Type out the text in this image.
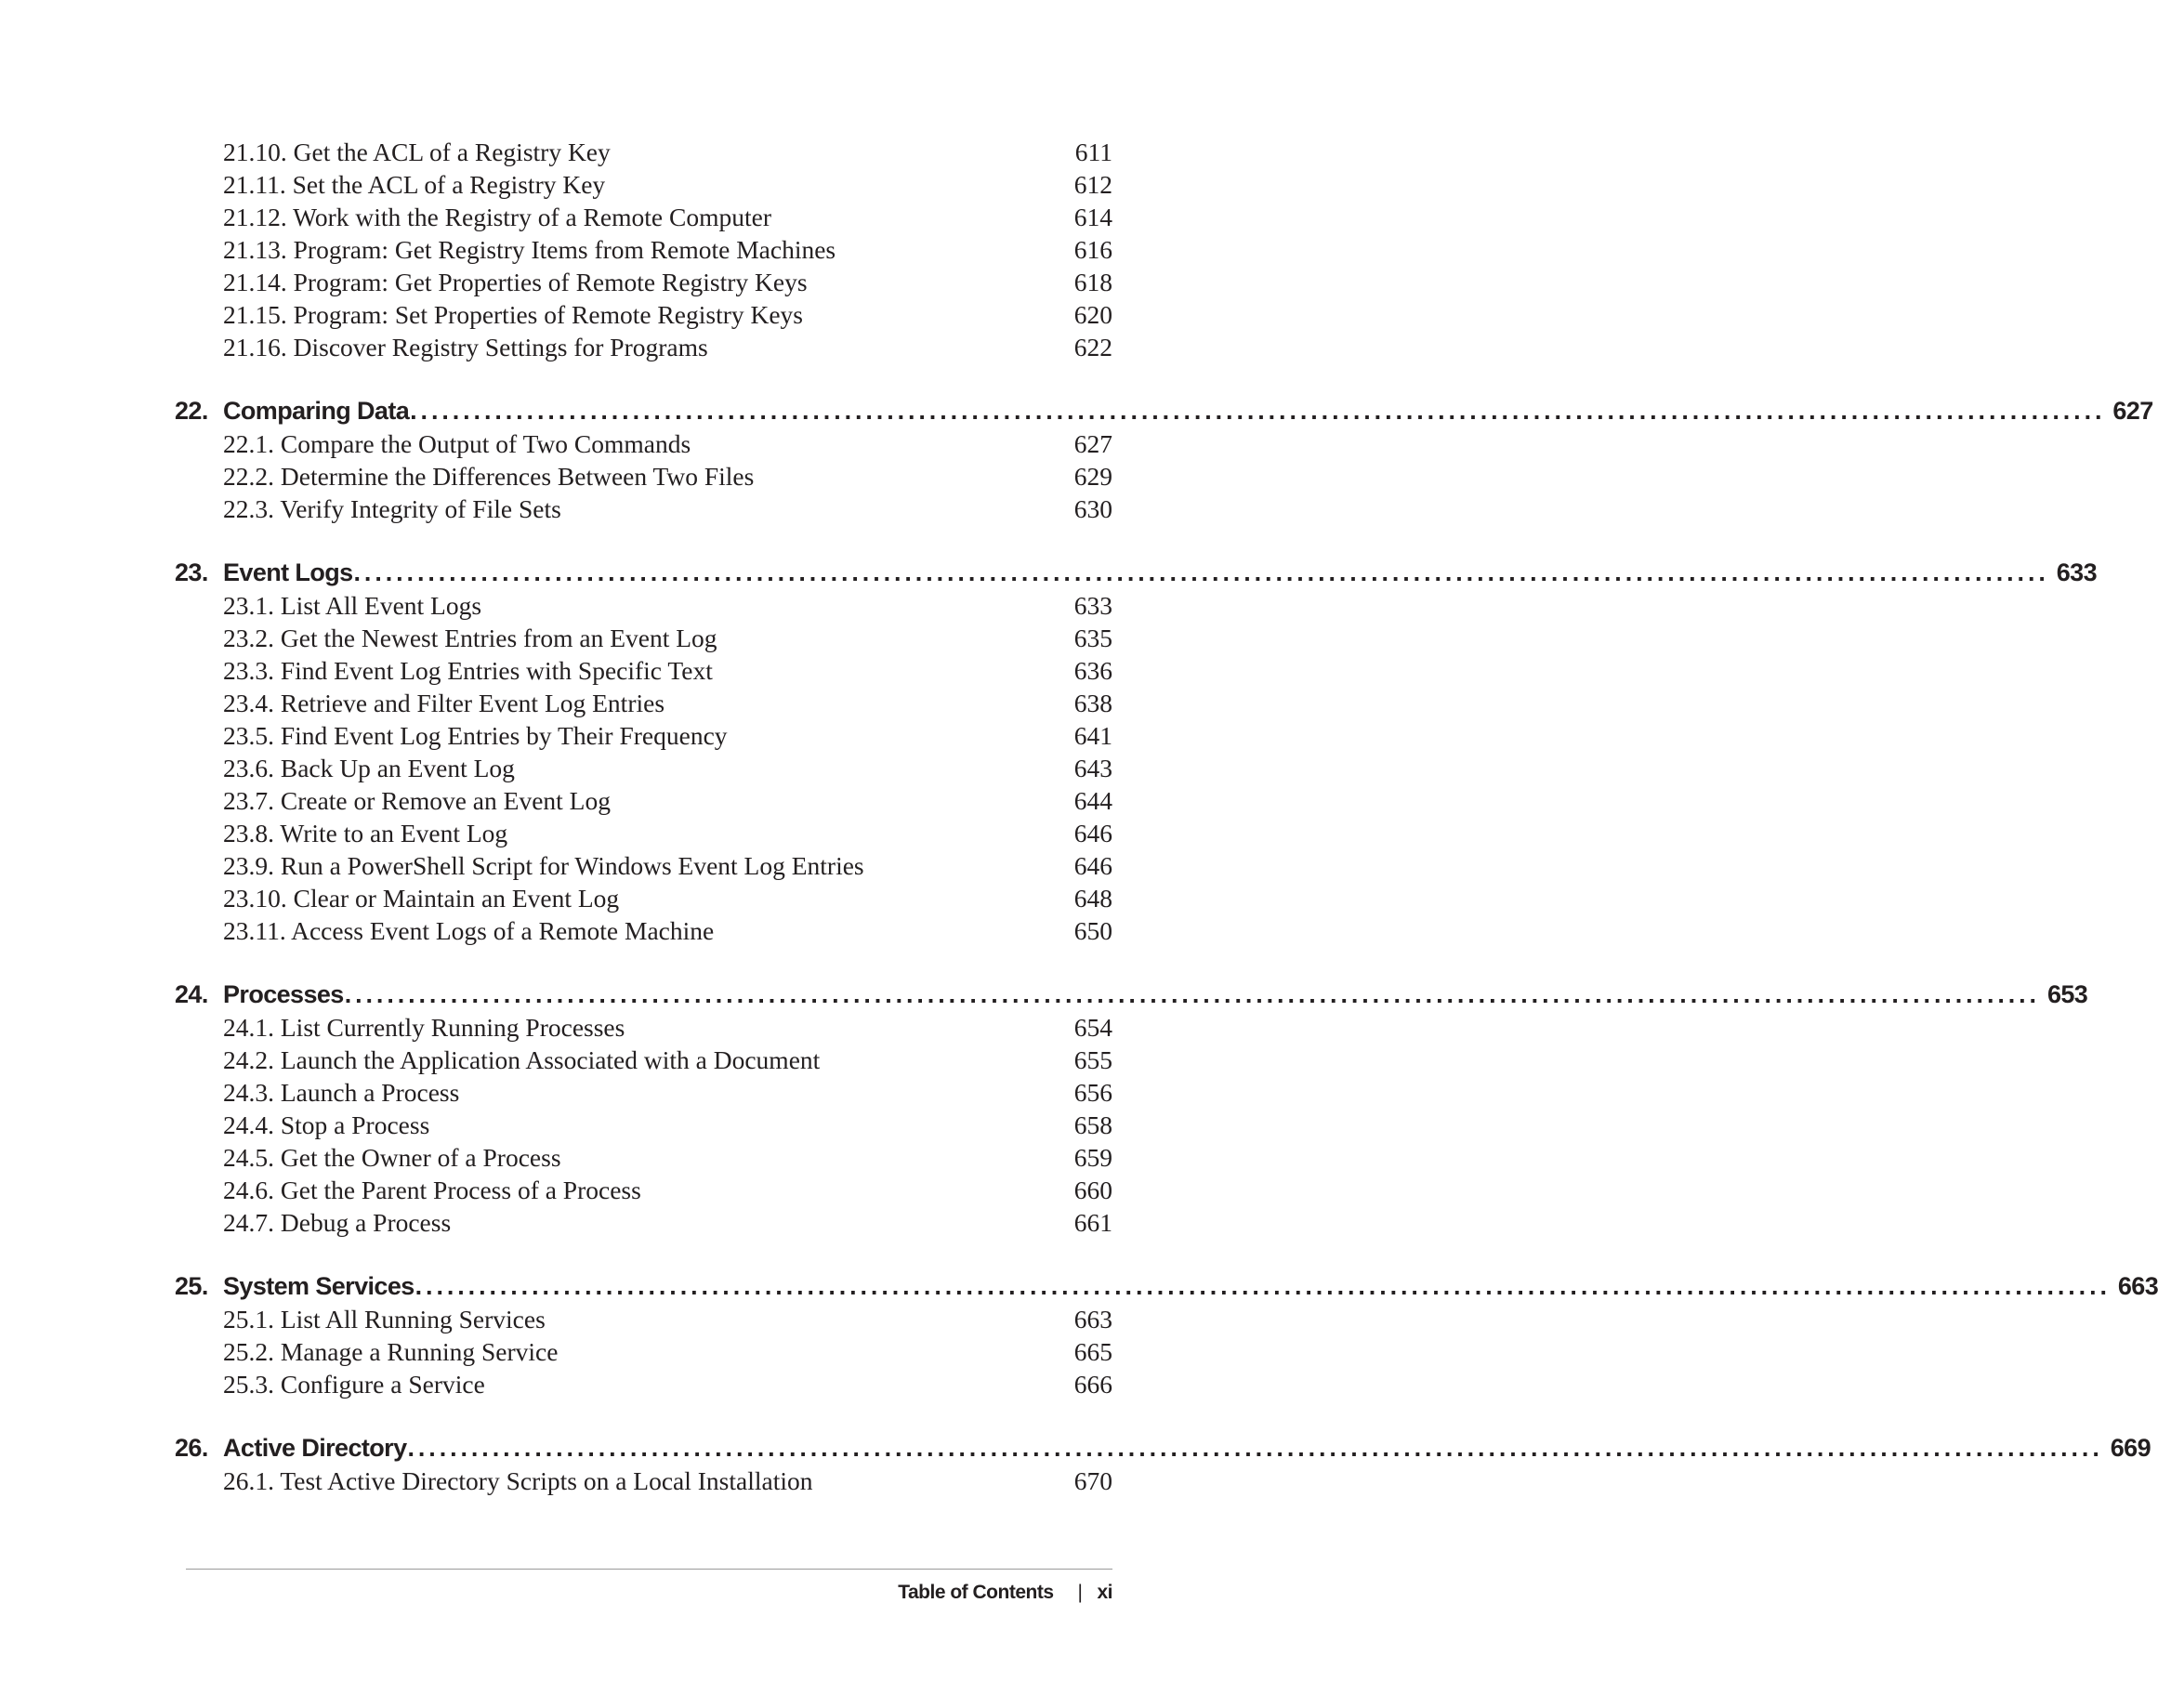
21.10. Get the ACL of a Registry Key	611
21.11. Set the ACL of a Registry Key	612
21.12. Work with the Registry of a Remote Computer	614
21.13. Program: Get Registry Items from Remote Machines	616
21.14. Program: Get Properties of Remote Registry Keys	618
21.15. Program: Set Properties of Remote Registry Keys	620
21.16. Discover Registry Settings for Programs	622
22. Comparing Data ................................................................................................................................................................ 627
22.1. Compare the Output of Two Commands	627
22.2. Determine the Differences Between Two Files	629
22.3. Verify Integrity of File Sets	630
23. Event Logs ................................................................................................................................................................ 633
23.1. List All Event Logs	633
23.2. Get the Newest Entries from an Event Log	635
23.3. Find Event Log Entries with Specific Text	636
23.4. Retrieve and Filter Event Log Entries	638
23.5. Find Event Log Entries by Their Frequency	641
23.6. Back Up an Event Log	643
23.7. Create or Remove an Event Log	644
23.8. Write to an Event Log	646
23.9. Run a PowerShell Script for Windows Event Log Entries	646
23.10. Clear or Maintain an Event Log	648
23.11. Access Event Logs of a Remote Machine	650
24. Processes ................................................................................................................................................................ 653
24.1. List Currently Running Processes	654
24.2. Launch the Application Associated with a Document	655
24.3. Launch a Process	656
24.4. Stop a Process	658
24.5. Get the Owner of a Process	659
24.6. Get the Parent Process of a Process	660
24.7. Debug a Process	661
25. System Services ................................................................................................................................................................ 663
25.1. List All Running Services	663
25.2. Manage a Running Service	665
25.3. Configure a Service	666
26. Active Directory ................................................................................................................................................................ 669
26.1. Test Active Directory Scripts on a Local Installation	670
Table of Contents | xi
